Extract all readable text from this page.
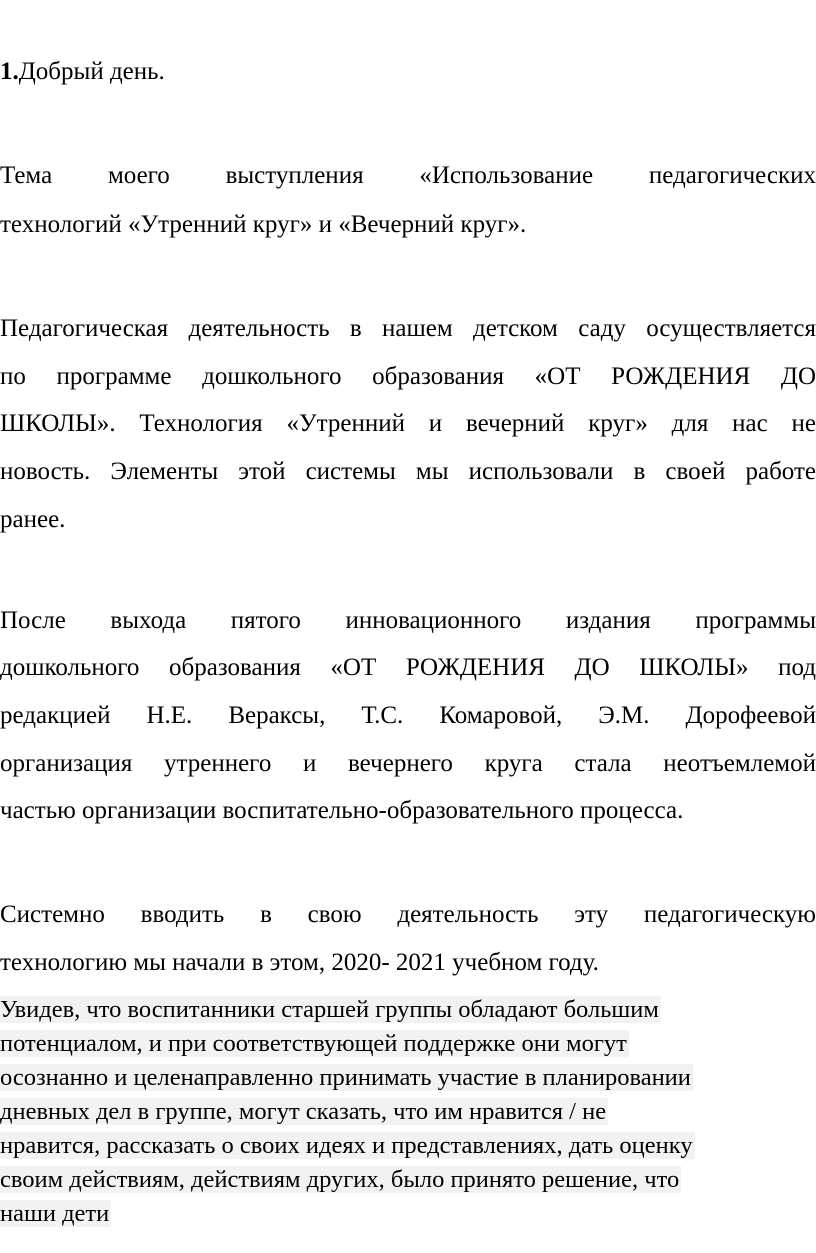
1.Добрый день.

Тема моего выступления «Использование педагогических

технологий «Утренний круг» и «Вечерний круг».

Педагогическая деятельность в нашем детском саду осуществляется

по программе дошкольного образования «ОТ РОЖДЕНИЯ ДО

ШКОЛЫ». Технология «Утренний и вечерний круг» для нас не

новость. Элементы этой системы мы использовали в своей работе

ранее.

После выхода пятого инновационного издания программы

дошкольного образования «ОТ РОЖДЕНИЯ ДО ШКОЛЫ» под

редакцией Н.Е. Вераксы, Т.С. Комаровой, Э.М. Дорофеевой

организация утреннего и вечернего круга стала неотъемлемой

частью организации воспитательно-образовательного процесса.

Системно вводить в свою деятельность эту педагогическую

технологию мы начали в этом, 2020- 2021 учебном году.

Увидев, что воспитанники старшей группы обладают большим
потенциалом, и при соответствующей поддержке они могут
осознанно и целенаправленно принимать участие в планировании
дневных дел в группе, могут сказать, что им нравится / не
нравится, рассказать о своих идеях и представлениях, дать оценку
своим действиям, действиям других, было принято решение, что
наши дети
